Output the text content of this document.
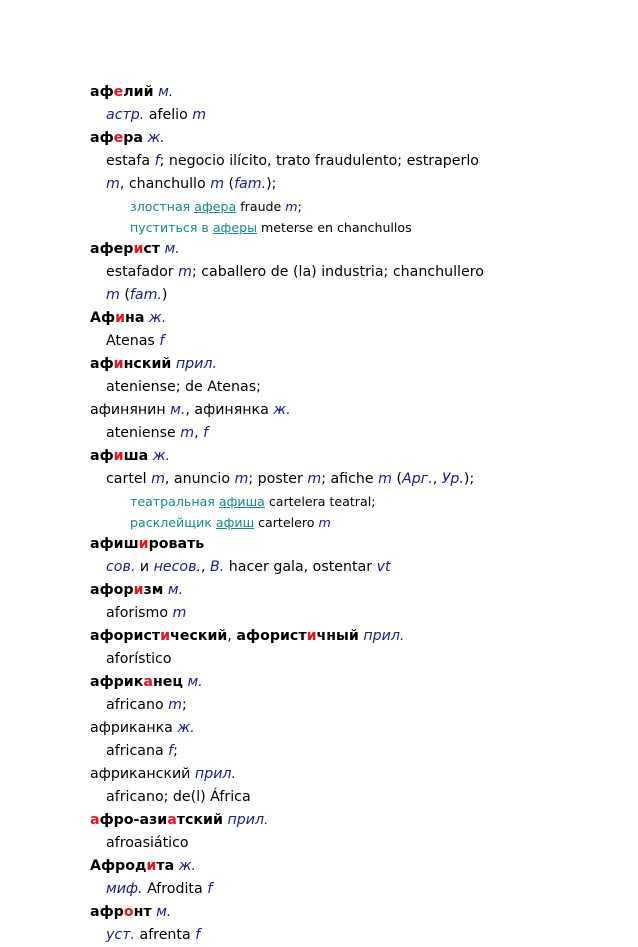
афелий м.
астр. afelio m
афера ж.
estafa f; negocio ilícito, trato fraudulento; estraperlo
m, chanchullo m (fam.);
злостная афера fraude m;
пуститься в аферы meterse en chanchullos
аферист м.
estafador m; caballero de (la) industria; chanchullero
m (fam.)
Афина ж.
Atenas f
афинский прил.
ateniense; de Atenas;
афинянин м., афинянка ж.
ateniense m, f
афиша ж.
cartel m, anuncio m; poster m; afiche m (Арг., Ур.);
театральная афиша cartelera teatral;
расклейщик афиш cartelero m
афишировать
сов. и несов., В. hacer gala, ostentar vt
афоризм м.
aforismo m
афористический, афористичный прил.
aforístico
африканец м.
africano m;
африканка ж.
africana f;
африканский прил.
africano; de(l) África
афро-азиатский прил.
afroasiático
Афродита ж.
миф. Afrodita f
афронт м.
уст. afrenta f
